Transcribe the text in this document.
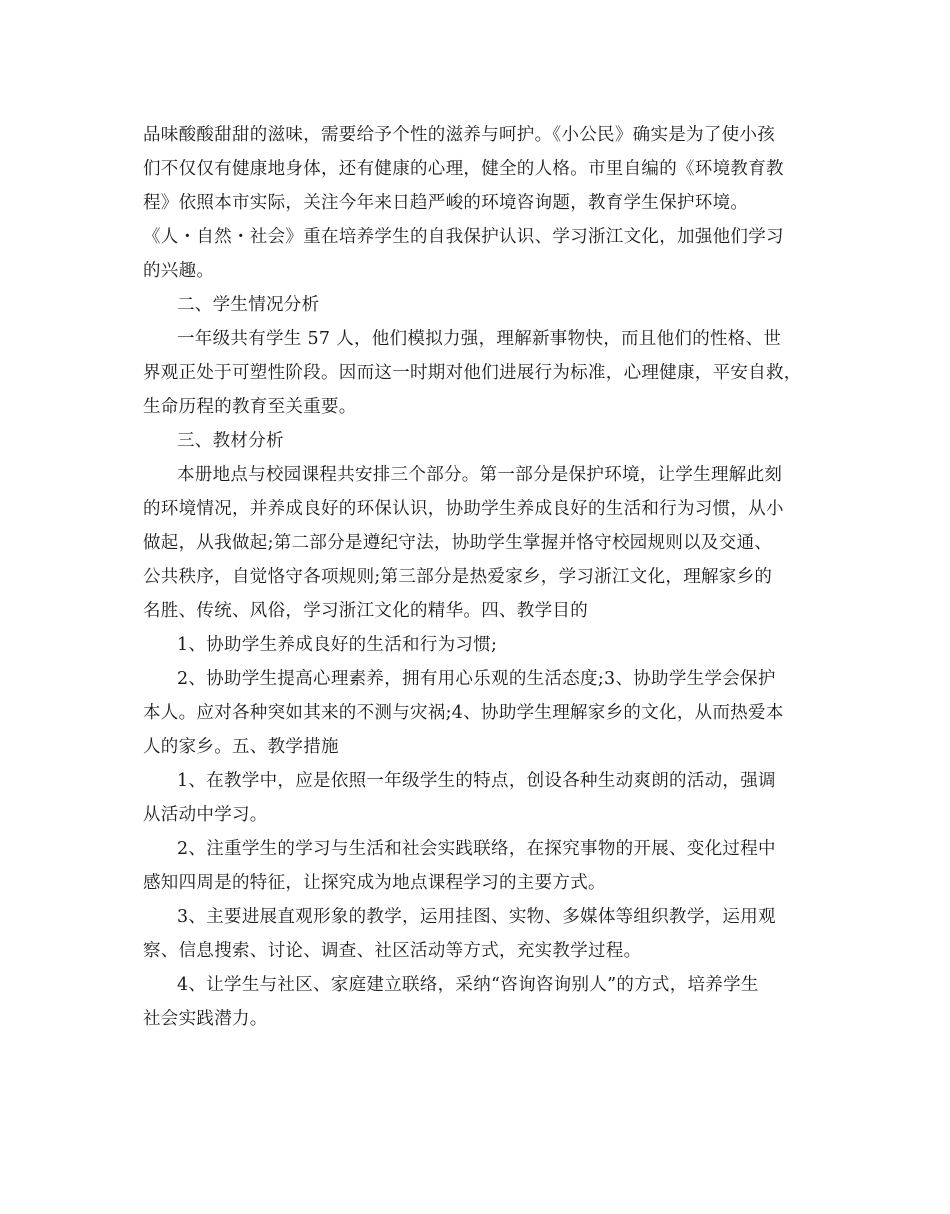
品味酸酸甜甜的滋味，需要给予个性的滋养与呵护。《小公民》确实是为了使小孩
们不仅仅有健康地身体，还有健康的心理，健全的人格。市里自编的《环境教育教
程》依照本市实际，关注今年来日趋严峻的环境咨询题，教育学生保护环境。
《人・自然・社会》重在培养学生的自我保护认识、学习浙江文化，加强他们学习
的兴趣。
二、学生情况分析
一年级共有学生 57 人，他们模拟力强，理解新事物快，而且他们的性格、世
界观正处于可塑性阶段。因而这一时期对他们进展行为标准，心理健康，平安自救，
生命历程的教育至关重要。
三、教材分析
本册地点与校园课程共安排三个部分。第一部分是保护环境，让学生理解此刻
的环境情况，并养成良好的环保认识，协助学生养成良好的生活和行为习惯，从小
做起，从我做起;第二部分是遵纪守法，协助学生掌握并恪守校园规则以及交通、
公共秩序，自觉恪守各项规则;第三部分是热爱家乡，学习浙江文化，理解家乡的
名胜、传统、风俗，学习浙江文化的精华。四、教学目的
1、协助学生养成良好的生活和行为习惯;
2、协助学生提高心理素养，拥有用心乐观的生活态度;3、协助学生学会保护
本人。应对各种突如其来的不测与灾祸;4、协助学生理解家乡的文化，从而热爱本
人的家乡。五、教学措施
1、在教学中，应是依照一年级学生的特点，创设各种生动爽朗的活动，强调
从活动中学习。
2、注重学生的学习与生活和社会实践联络，在探究事物的开展、变化过程中
感知四周是的特征，让探究成为地点课程学习的主要方式。
3、主要进展直观形象的教学，运用挂图、实物、多媒体等组织教学，运用观
察、信息搜索、讨论、调查、社区活动等方式，充实教学过程。
4、让学生与社区、家庭建立联络，采纳“咨询咨询别人”的方式，培养学生
社会实践潜力。
